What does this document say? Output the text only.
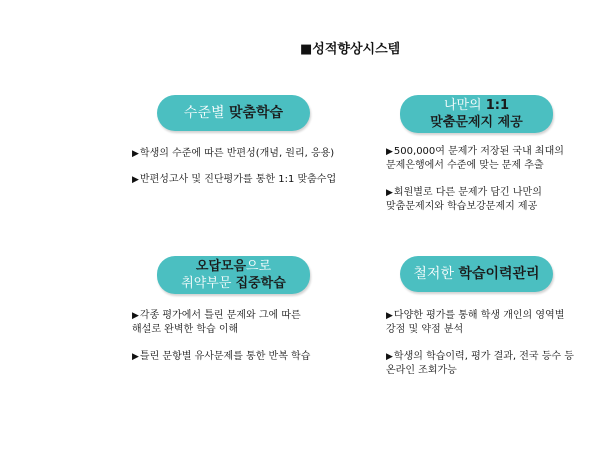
■성적향상시스템
수준별 맞춤학습	나만의 1:1
맞춤문제지 제공
오답모음으로
취약부문 집중학습
철저한 학습이력관리
▶학생의 수준에 따른 반편성(개념, 원리, 응용)
▶반편성고사 및 진단평가를 통한 1:1 맞춤수업
▶500,000여 문제가 저장된 국내 최대의
문제은행에서 수준에 맞는 문제 추출
▶회원별로 다른 문제가 담긴 나만의
맞춤문제지와 학습보강문제지 제공
▶각종 평가에서 틀린 문제와 그에 따른
해설로 완벽한 학습 이해
▶틀린 문항별 유사문제를 통한 반복 학습
▶다양한 평가를 통해 학생 개인의 영역별
강점 및 약점 분석
▶학생의 학습이력, 평가 결과, 전국 등수 등
온라인 조회가능
